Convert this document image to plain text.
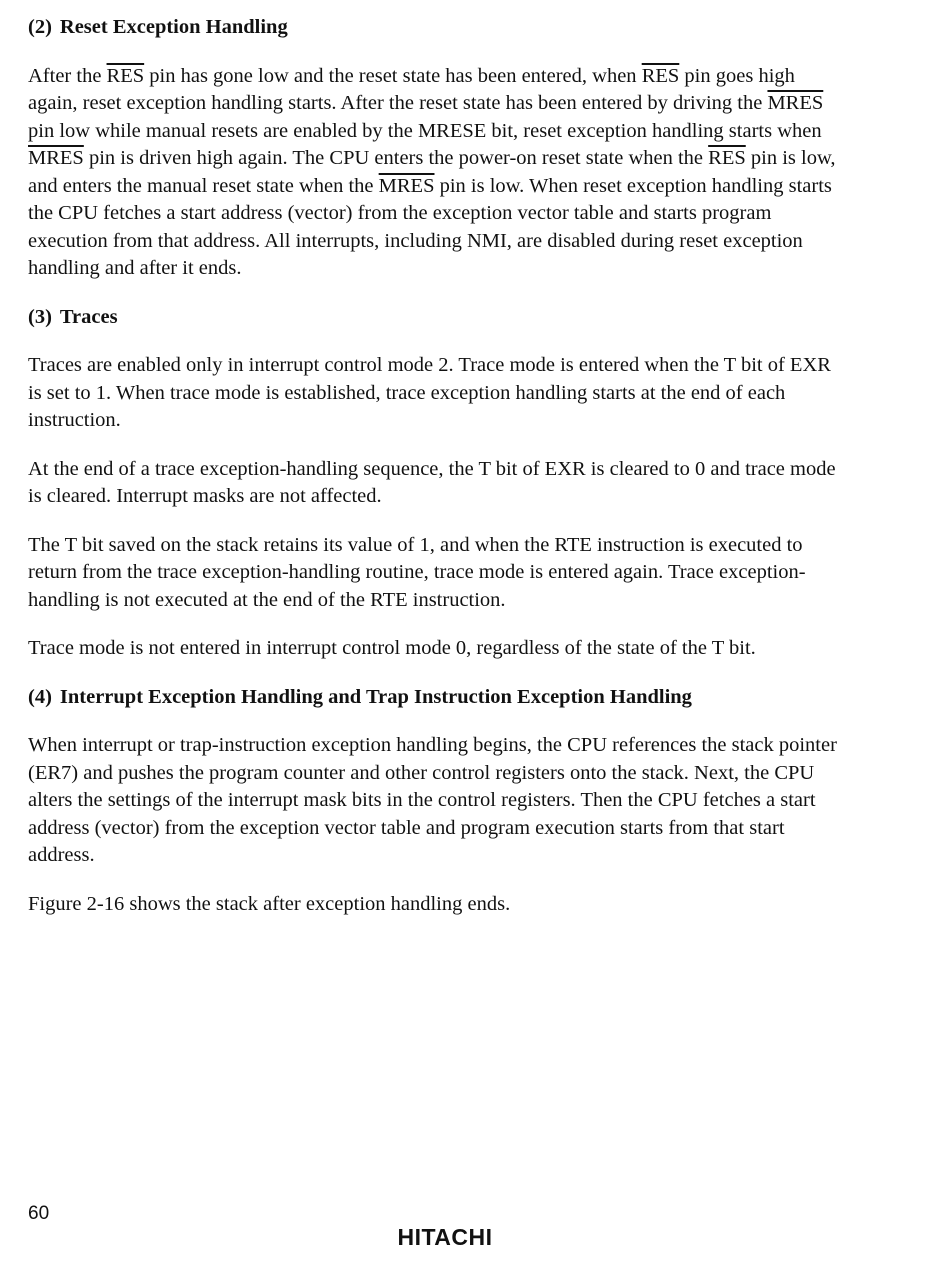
(2) Reset Exception Handling
After the $\overline{RES}$ pin has gone low and the reset state has been entered, when $\overline{RES}$ pin goes high
again, reset exception handling starts. After the reset state has been entered by driving the MRES
pin low while manual resets are enabled by the MRESE bit, reset exception handling starts when
MRES pin is driven high again. The CPU enters the power-on reset state when the $\overline{RES}$ pin is low,
and enters the manual reset state when the MRES pin is low. When reset exception handling starts
the CPU fetches a start address (vector) from the exception vector table and starts program
execution from that address. All interrupts, including NMI, are disabled during reset exception
handling and after it ends.
(3) Traces
Traces are enabled only in interrupt control mode 2. Trace mode is entered when the T bit of EXR
is set to 1. When trace mode is established, trace exception handling starts at the end of each
instruction.
At the end of a trace exception-handling sequence, the T bit of EXR is cleared to 0 and trace mode
is cleared. Interrupt masks are not affected.
The T bit saved on the stack retains its value of 1, and when the RTE instruction is executed to
return from the trace exception-handling routine, trace mode is entered again. Trace exception-
handling is not executed at the end of the RTE instruction.
Trace mode is not entered in interrupt control mode 0, regardless of the state of the T bit.
(4) Interrupt Exception Handling and Trap Instruction Exception Handling
When interrupt or trap-instruction exception handling begins, the CPU references the stack pointer
(ER7) and pushes the program counter and other control registers onto the stack. Next, the CPU
alters the settings of the interrupt mask bits in the control registers. Then the CPU fetches a start
address (vector) from the exception vector table and program execution starts from that start
address.
Figure 2-16 shows the stack after exception handling ends.
60
HITACHI
